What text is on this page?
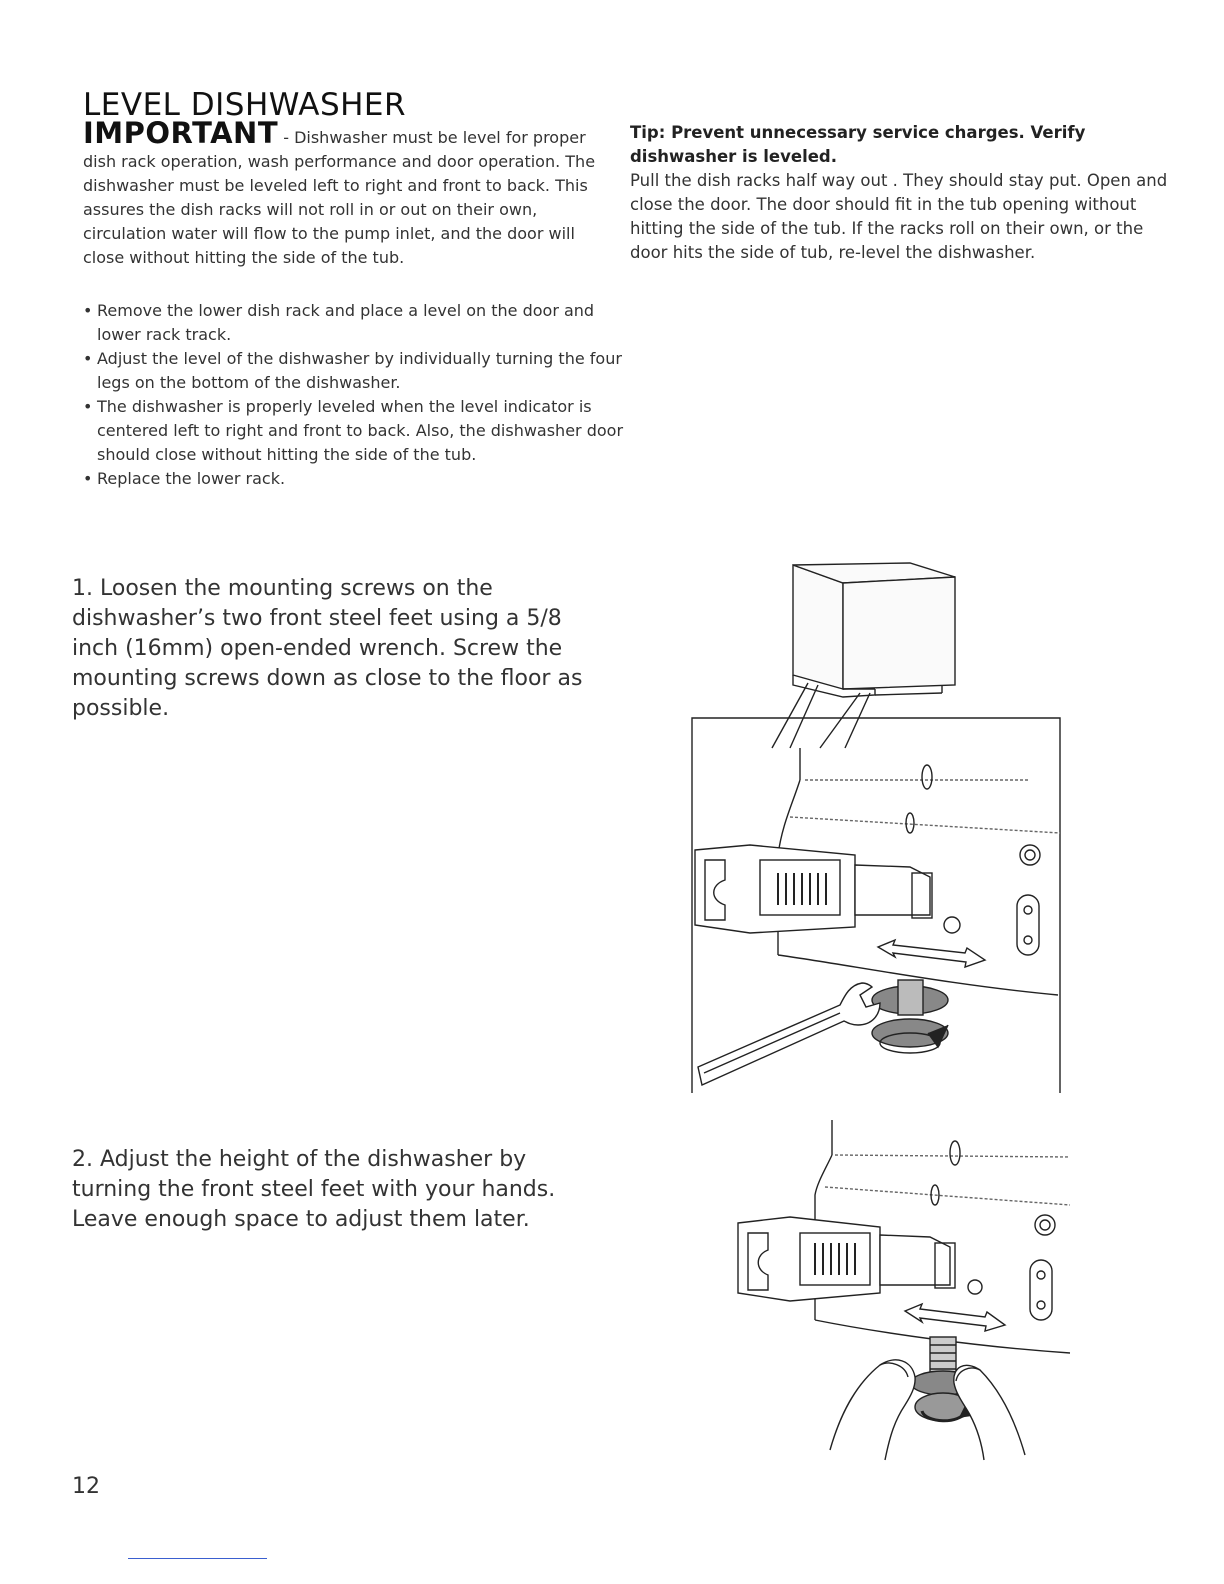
LEVEL DISHWASHER
IMPORTANT - Dishwasher must be level for proper dish rack operation, wash performance and door operation. The dishwasher must be leveled left to right and front to back. This assures the dish racks will not roll in or out on their own, circulation water will flow to the pump inlet, and the door will close without hitting the side of the tub.
Tip: Prevent unnecessary service charges. Verify dishwasher is leveled.
Pull the dish racks half way out . They should stay put. Open and close the door. The door should fit in the tub opening without hitting the side of the tub. If the racks roll on their own, or the door hits the side of tub, re-level the dishwasher.
• Remove the lower dish rack and place a level on the door and lower rack track.
• Adjust the level of the dishwasher by individually turning the four legs on the bottom of the dishwasher.
• The dishwasher is properly leveled when the level indicator is centered left to right and front to back. Also, the dishwasher door should close without hitting the side of the tub.
• Replace the lower rack.

1. Loosen the mounting screws on the dishwasher’s two front steel feet using a 5/8 inch (16mm) open-ended wrench. Screw the mounting screws down as close to the floor as possible.

2. Adjust the height of the dishwasher by turning the front steel feet with your hands. Leave enough space to adjust them later.

12
